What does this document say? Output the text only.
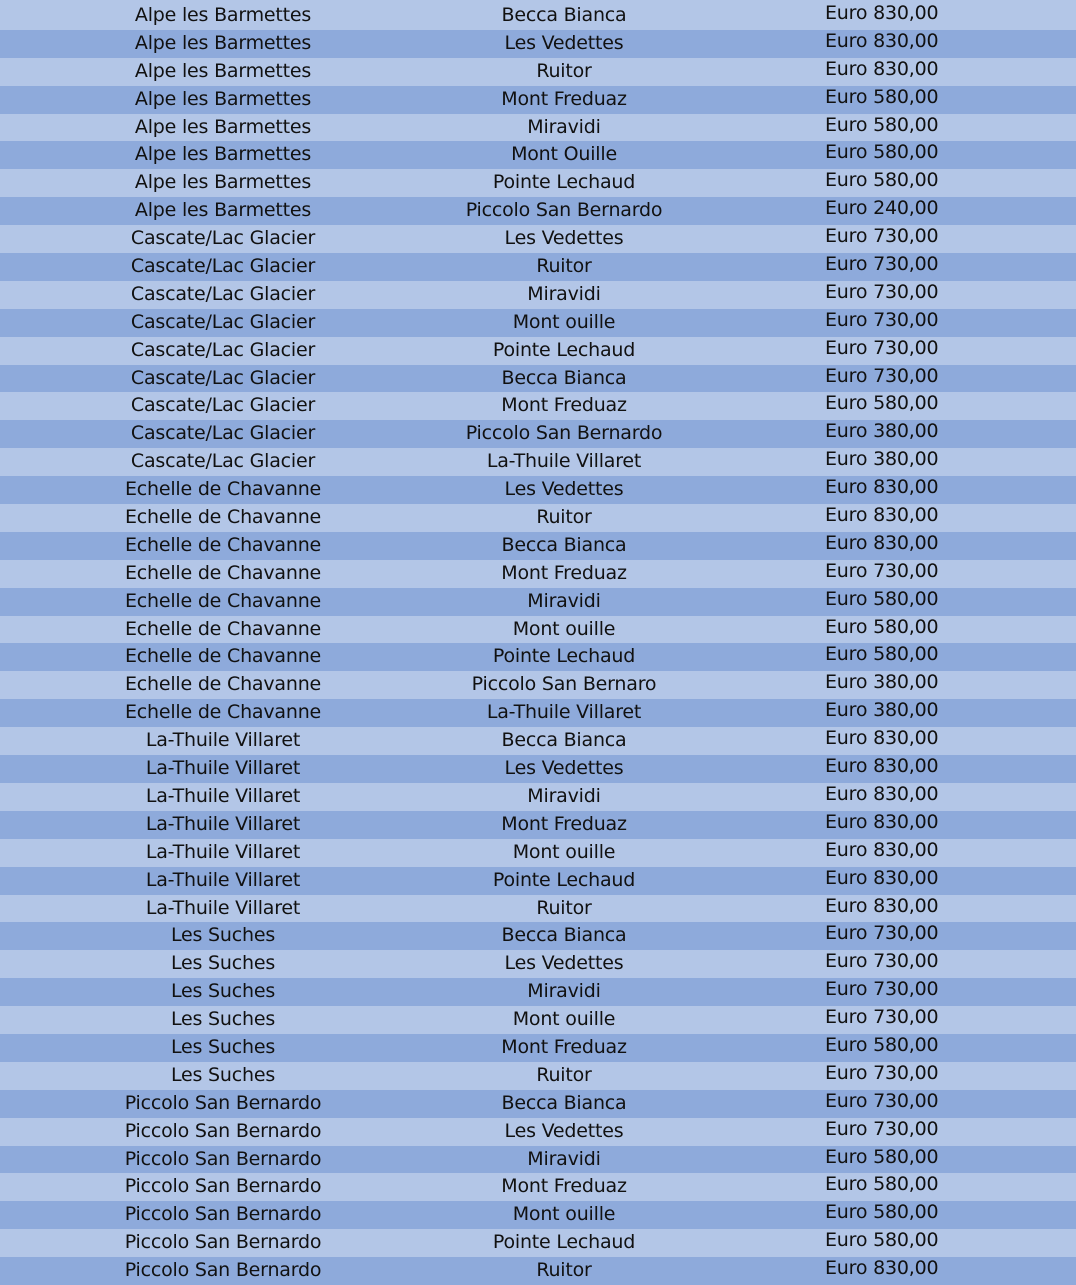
Alpe les Barmettes	Becca Bianca	Euro 830,00
Alpe les Barmettes	Les Vedettes	Euro 830,00
Alpe les Barmettes	Ruitor	Euro 830,00
Alpe les Barmettes	Mont Freduaz	Euro 580,00
Alpe les Barmettes	Miravidi	Euro 580,00
Alpe les Barmettes	Mont Ouille	Euro 580,00
Alpe les Barmettes	Pointe Lechaud	Euro 580,00
Alpe les Barmettes	Piccolo San Bernardo	Euro 240,00
Cascate/Lac Glacier	Les Vedettes	Euro 730,00
Cascate/Lac Glacier	Ruitor	Euro 730,00
Cascate/Lac Glacier	Miravidi	Euro 730,00
Cascate/Lac Glacier	Mont ouille	Euro 730,00
Cascate/Lac Glacier	Pointe Lechaud	Euro 730,00
Cascate/Lac Glacier	Becca Bianca	Euro 730,00
Cascate/Lac Glacier	Mont Freduaz	Euro 580,00
Cascate/Lac Glacier	Piccolo San Bernardo	Euro 380,00
Cascate/Lac Glacier	La-Thuile Villaret	Euro 380,00
Echelle de Chavanne	Les Vedettes	Euro 830,00
Echelle de Chavanne	Ruitor	Euro 830,00
Echelle de Chavanne	Becca Bianca	Euro 830,00
Echelle de Chavanne	Mont Freduaz	Euro 730,00
Echelle de Chavanne	Miravidi	Euro 580,00
Echelle de Chavanne	Mont ouille	Euro 580,00
Echelle de Chavanne	Pointe Lechaud	Euro 580,00
Echelle de Chavanne	Piccolo San Bernaro	Euro 380,00
Echelle de Chavanne	La-Thuile Villaret	Euro 380,00
La-Thuile Villaret	Becca Bianca	Euro 830,00
La-Thuile Villaret	Les Vedettes	Euro 830,00
La-Thuile Villaret	Miravidi	Euro 830,00
La-Thuile Villaret	Mont Freduaz	Euro 830,00
La-Thuile Villaret	Mont ouille	Euro 830,00
La-Thuile Villaret	Pointe Lechaud	Euro 830,00
La-Thuile Villaret	Ruitor	Euro 830,00
Les Suches	Becca Bianca	Euro 730,00
Les Suches	Les Vedettes	Euro 730,00
Les Suches	Miravidi	Euro 730,00
Les Suches	Mont ouille	Euro 730,00
Les Suches	Mont Freduaz	Euro 580,00
Les Suches	Ruitor	Euro 730,00
Piccolo San Bernardo	Becca Bianca	Euro 730,00
Piccolo San Bernardo	Les Vedettes	Euro 730,00
Piccolo San Bernardo	Miravidi	Euro 580,00
Piccolo San Bernardo	Mont Freduaz	Euro 580,00
Piccolo San Bernardo	Mont ouille	Euro 580,00
Piccolo San Bernardo	Pointe Lechaud	Euro 580,00
Piccolo San Bernardo	Ruitor	Euro 830,00
